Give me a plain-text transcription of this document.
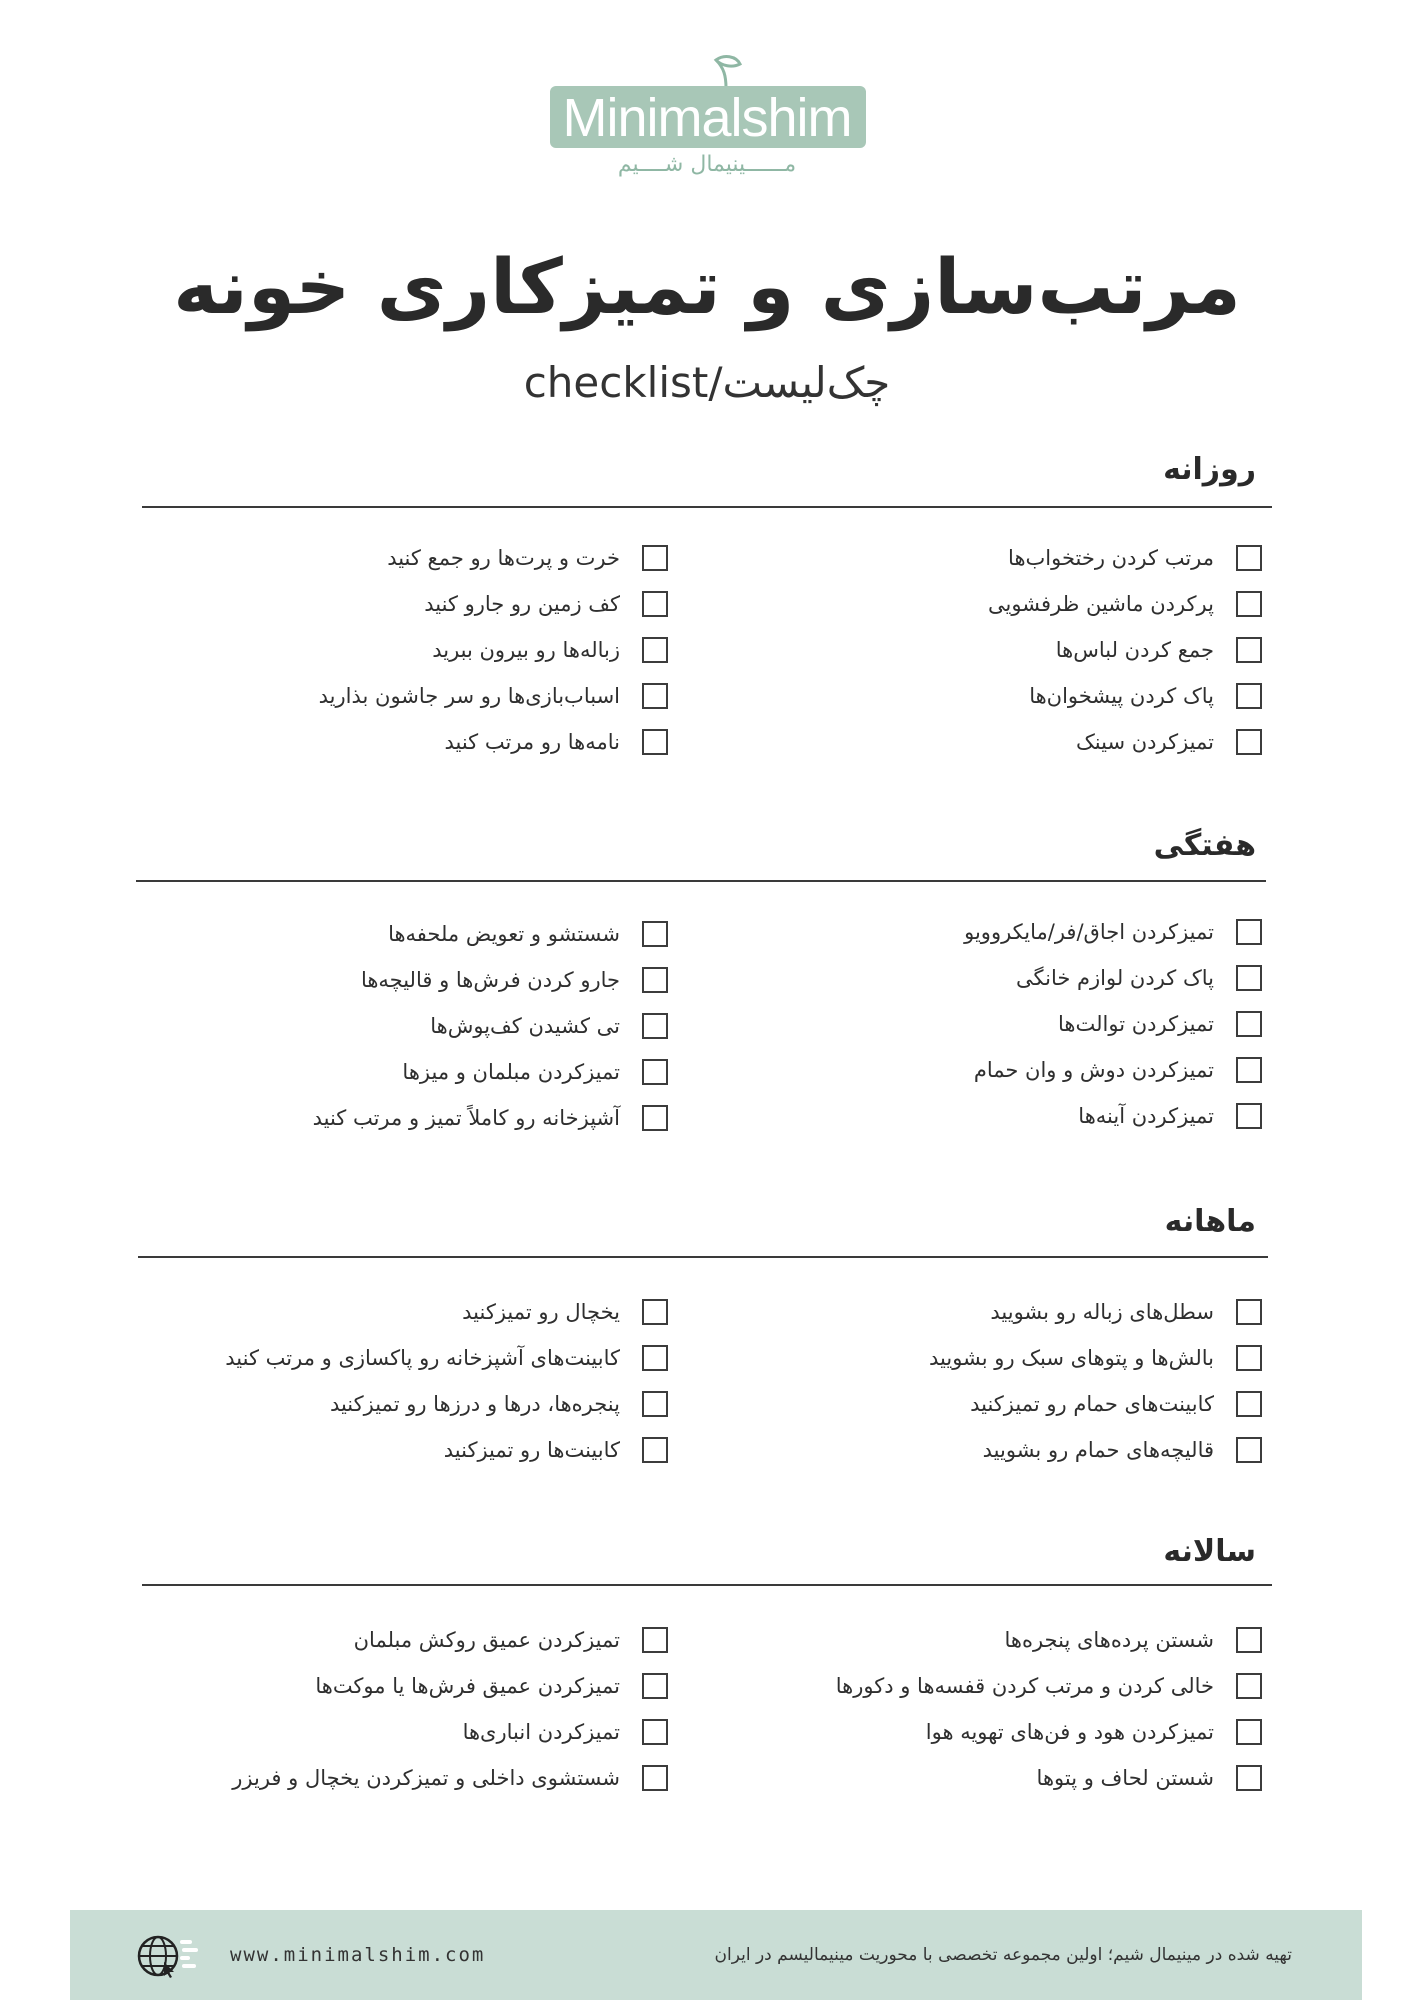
Minimalshim
مــــــینیمال شــــیم
مرتب‌سازی و تمیزکاری خونه
چک‌لیست/checklist
روزانه
مرتب کردن رختخواب‌ها
پرکردن ماشین ظرفشویی
جمع کردن لباس‌ها
پاک کردن پیشخوان‌ها
تمیزکردن سینک
خرت و پرت‌ها رو جمع کنید
کف زمین رو جارو کنید
زباله‌ها رو بیرون ببرید
اسباب‌بازی‌ها رو سر جاشون بذارید
نامه‌ها رو مرتب کنید
هفتگی
تمیزکردن اجاق/فر/مایکروویو
پاک کردن لوازم خانگی
تمیزکردن توالت‌ها
تمیزکردن دوش و وان حمام
تمیزکردن آینه‌ها
شستشو و تعویض ملحفه‌ها
جارو کردن فرش‌ها و قالیچه‌ها
تی کشیدن کف‌پوش‌ها
تمیزکردن مبلمان و میزها
آشپزخانه رو کاملاً تمیز و مرتب کنید
ماهانه
سطل‌های زباله رو بشویید
بالش‌ها و پتوهای سبک رو بشویید
کابینت‌های حمام رو تمیزکنید
قالیچه‌های حمام رو بشویید
یخچال رو تمیزکنید
کابینت‌های آشپزخانه رو پاکسازی و مرتب کنید
پنجره‌ها، درها و درزها رو تمیزکنید
کابینت‌ها رو تمیزکنید
سالانه
شستن پرده‌های پنجره‌ها
خالی کردن و مرتب کردن قفسه‌ها و دکورها
تمیزکردن هود و فن‌های تهویه هوا
شستن لحاف و پتوها
تمیزکردن عمیق روکش مبلمان
تمیزکردن عمیق فرش‌ها یا موکت‌ها
تمیزکردن انباری‌ها
شستشوی داخلی و تمیزکردن یخچال و فریزر
www.minimalshim.com	تهیه شده در مینیمال شیم؛ اولین مجموعه تخصصی با محوریت مینیمالیسم در ایران
